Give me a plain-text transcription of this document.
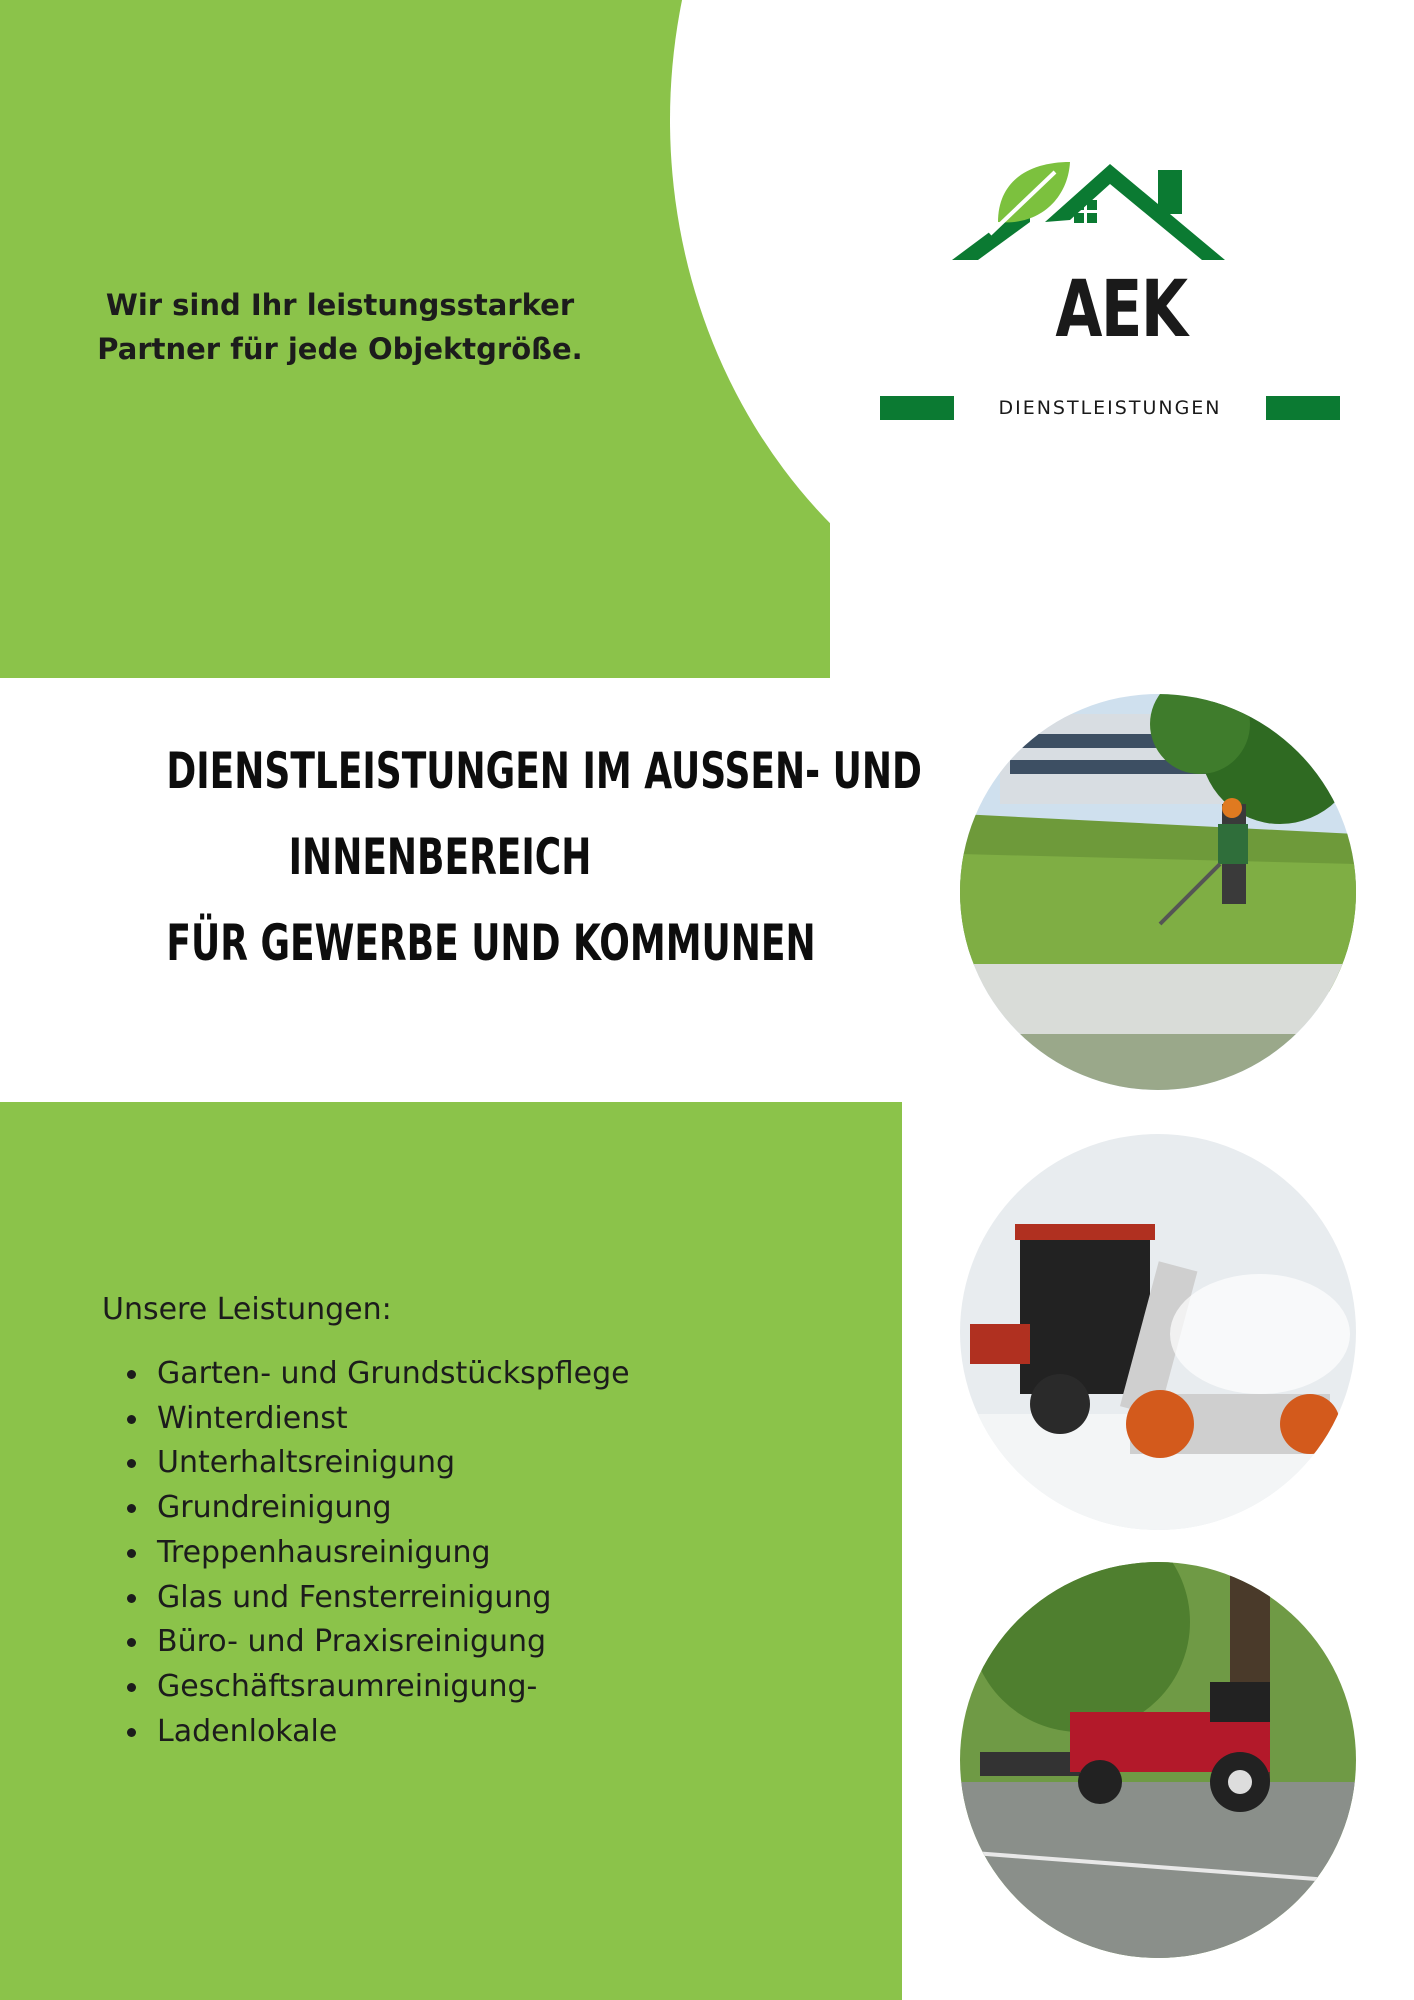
Wir sind Ihr leistungsstarker
Partner für jede Objektgröße.	AEK
DIENSTLEISTUNGEN
DIENSTLEISTUNGEN IM AUSSEN- UND
INNENBEREICH
FÜR GEWERBE UND KOMMUNEN
Unsere Leistungen:
Garten- und Grundstückspflege
Winterdienst
Unterhaltsreinigung
Grundreinigung
Treppenhausreinigung
Glas und Fensterreinigung
Büro- und Praxisreinigung
Geschäftsraumreinigung-
Ladenlokale
